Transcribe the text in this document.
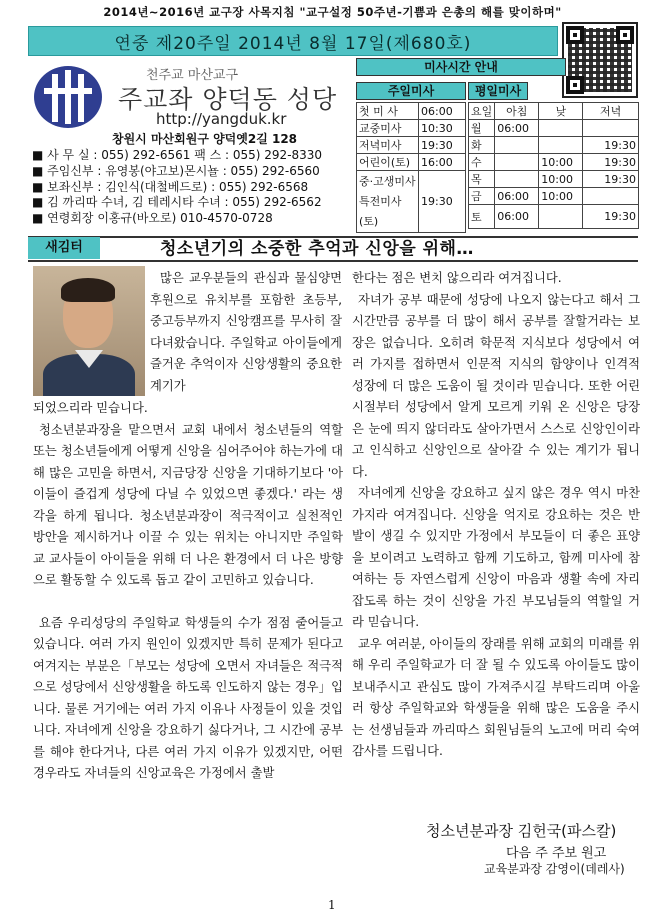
2014년~2016년 교구장 사목지침 "교구설정 50주년-기쁨과 은총의 해를 맞이하며"
연중 제20주일 2014년 8월 17일(제680호)
천주교 마산교구
주교좌 양덕동 성당
http://yangduk.kr
창원시 마산회원구 양덕옛2길 128
■ 사 무 실 : 055) 292-6561 팩 스 : 055) 292-8330
■ 주임신부 : 유영봉(야고보)몬시뇰 : 055) 292-6560
■ 보좌신부 : 김인식(대철베드로) : 055) 292-6568
■ 김 까리따 수녀, 김 테레시타 수녀 : 055) 292-6562
■ 연령회장 이홍규(바오로) 010-4570-0728
미사시간 안내
주일미사	평일미사
첫 미 사	06:00
교중미사	10:30
저녁미사	19:30
어린이(토)	16:00
중·고생미사
특전미사(토)	19:30
요일	아침	낮	저녁
월	06:00		
화			19:30
수		10:00	19:30
목		10:00	19:30
금	06:00	10:00	
토	06:00		19:30
새김터	청소년기의 소중한 추억과 신앙을 위해…

많은 교우분들의 관심과 물심양면 후원으로 유치부를 포함한 초등부, 중고등부까지 신앙캠프를 무사히 잘 다녀왔습니다. 주일학교 아이들에게 즐거운 추억이자 신앙생활의 중요한 계기가

되었으리라 믿습니다.

청소년분과장을 맡으면서 교회 내에서 청소년들의 역할 또는 청소년들에게 어떻게 신앙을 심어주어야 하는가에 대해 많은 고민을 하면서, 지금당장 신앙을 기대하기보다 '아이들이 즐겁게 성당에 다닐 수 있었으면 좋겠다.' 라는 생각을 하게 됩니다. 청소년분과장이 적극적이고 실천적인 방안을 제시하거나 이끌 수 있는 위치는 아니지만 주일학교 교사들이 아이들을 위해 더 나은 환경에서 더 나은 방향으로 활동할 수 있도록 돕고 같이 고민하고 있습니다.

요즘 우리성당의 주일학교 학생들의 수가 점점 줄어들고 있습니다. 여러 가지 원인이 있겠지만 특히 문제가 된다고 여겨지는 부분은「부모는 성당에 오면서 자녀들은 적극적으로 성당에서 신앙생활을 하도록 인도하지 않는 경우」입니다. 물론 거기에는 여러 가지 이유나 사정들이 있을 것입니다. 자녀에게 신앙을 강요하기 싫다거나, 그 시간에 공부를 해야 한다거나, 다른 여러 가지 이유가 있겠지만, 어떤 경우라도 자녀들의 신앙교육은 가정에서 출발

한다는 점은 변치 않으리라 여겨집니다.

자녀가 공부 때문에 성당에 나오지 않는다고 해서 그 시간만큼 공부를 더 많이 해서 공부를 잘할거라는 보장은 없습니다. 오히려 학문적 지식보다 성당에서 여러 가지를 접하면서 인문적 지식의 함양이나 인격적 성장에 더 많은 도움이 될 것이라 믿습니다. 또한 어린 시절부터 성당에서 알게 모르게 키워 온 신앙은 당장은 눈에 띄지 않더라도 살아가면서 스스로 신앙인이라고 인식하고 신앙인으로 살아갈 수 있는 계기가 됩니다.

자녀에게 신앙을 강요하고 싶지 않은 경우 역시 마찬가지라 여겨집니다. 신앙을 억지로 강요하는 것은 반발이 생길 수 있지만 가정에서 부모들이 더 좋은 표양을 보이려고 노력하고 함께 기도하고, 함께 미사에 참여하는 등 자연스럽게 신앙이 마음과 생활 속에 자리 잡도록 하는 것이 신앙을 가진 부모님들의 역할일 거라 믿습니다.

교우 여러분, 아이들의 장래를 위해 교회의 미래를 위해 우리 주일학교가 더 잘 될 수 있도록 아이들도 많이 보내주시고 관심도 많이 가져주시길 부탁드리며 아울러 항상 주일학교와 학생들을 위해 많은 도움을 주시는 선생님들과 까리따스 회원님들의 노고에 머리 숙여 감사를 드립니다.

청소년분과장 김헌국(파스칼)
다음 주 주보 원고
교육분과장 감영이(데레사)
1
